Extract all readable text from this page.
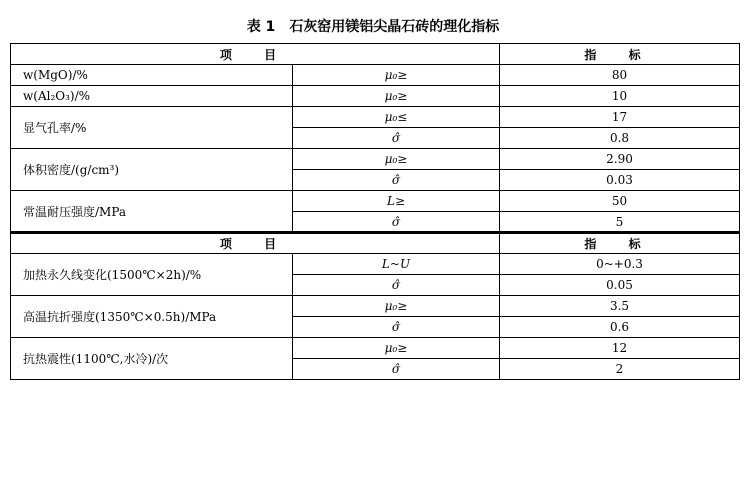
表 1 石灰窑用镁铝尖晶石砖的理化指标
项 目		指 标
w(MgO)/%	μ₀≥	80
w(Al₂O₃)/%	μ₀≥	10
显气孔率/%	μ₀≤	17
	σ̂	0.8
体积密度/(g/cm³)	μ₀≥	2.90
	σ̂	0.03
常温耐压强度/MPa	L≥	50
	σ̂	5
项 目		指 标
加热永久线变化(1500℃×2h)/%	L~U	0~+0.3
	σ̂	0.05
高温抗折强度(1350℃×0.5h)/MPa	μ₀≥	3.5
	σ̂	0.6
抗热震性(1100℃,水冷)/次	μ₀≥	12
	σ̂	2
